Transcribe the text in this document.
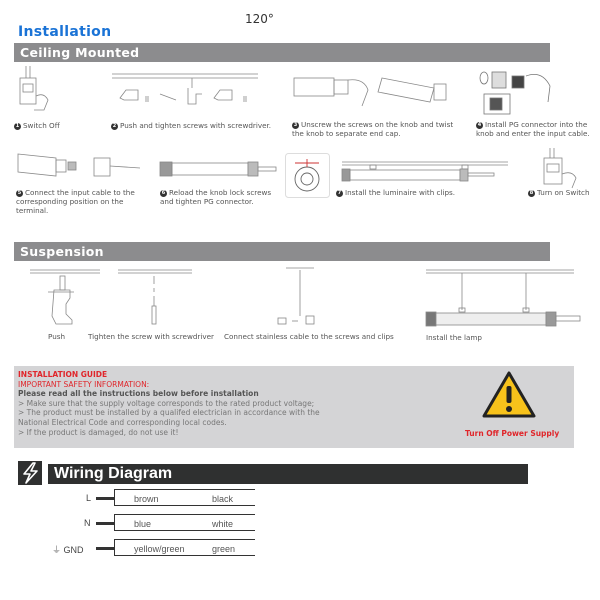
120°
Installation
Ceiling Mounted
1 Switch Off	2 Push and tighten screws with screwdriver.	3 Unscrew the screws on the knob and twist the knob to separate end cap.
4 Install PG connector into the knob and enter the input cable.
5 Connect the input cable to the corresponding position on the terminal.
6 Reload the knob lock screws and tighten PG connector.
7 Install the luminaire with clips.	8 Turn on Switch
Suspension
Push	Tighten the screw with screwdriver Connect stainless cable to the screws and clips	Install the lamp
INSTALLATION GUIDE
IMPORTANT SAFETY INFORMATION:
Please read all the instructions below before installation
> Make sure that the supply voltage corresponds to the rated product voltage;
> The product must be installed by a qualifed electrician in accordance with the
National Electrical Code and corresponding local codes.
> If the product is damaged, do not use it!	Turn Off Power Supply
Wiring Diagram
L	brown	black
N	blue	white
⏚ GND	yellow/green	green
